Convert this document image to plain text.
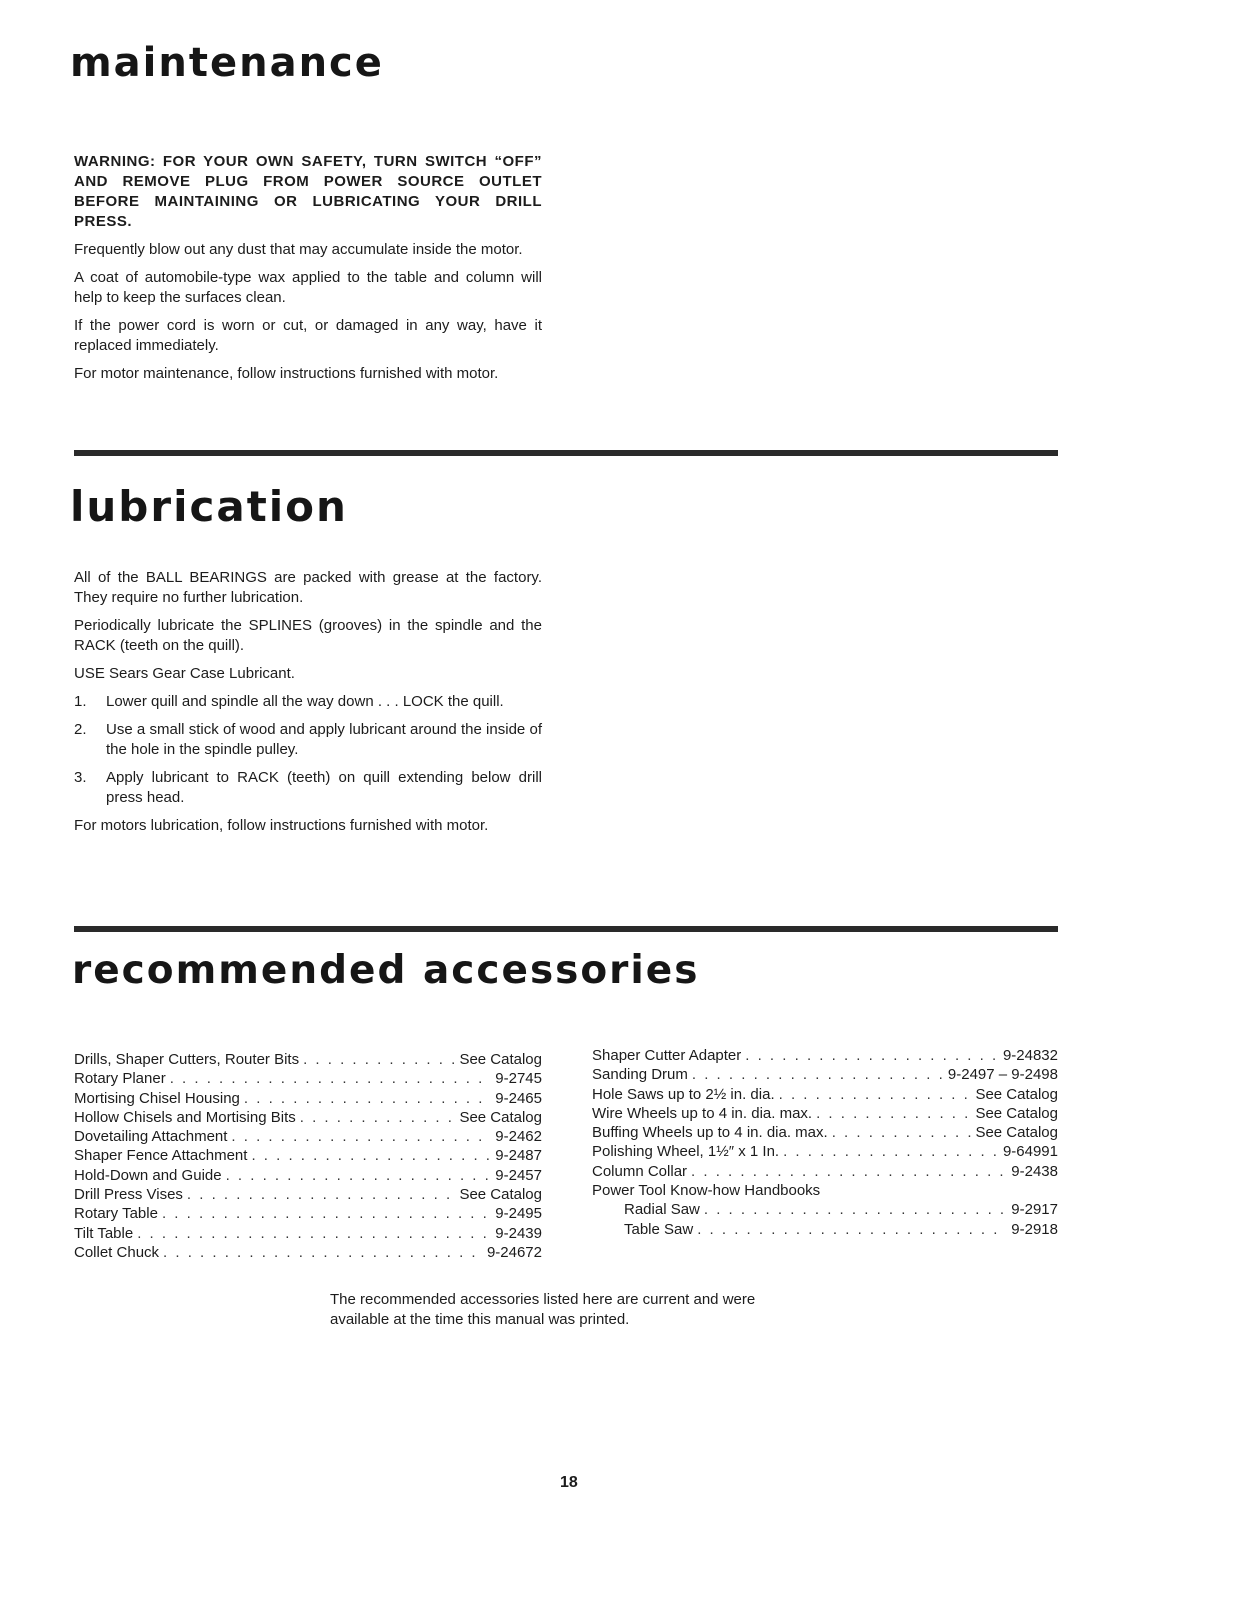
maintenance

WARNING: FOR YOUR OWN SAFETY, TURN SWITCH “OFF” AND REMOVE PLUG FROM POWER SOURCE OUTLET BEFORE MAINTAINING OR LUBRICATING YOUR DRILL PRESS.

Frequently blow out any dust that may accumulate inside the motor.

A coat of automobile-type wax applied to the table and column will help to keep the surfaces clean.

If the power cord is worn or cut, or damaged in any way, have it replaced immediately.

For motor maintenance, follow instructions furnished with motor.

lubrication

All of the BALL BEARINGS are packed with grease at the factory. They require no further lubrication.

Periodically lubricate the SPLINES (grooves) in the spindle and the RACK (teeth on the quill).

USE Sears Gear Case Lubricant.

1.	Lower quill and spindle all the way down . . . LOCK the quill.
2.	Use a small stick of wood and apply lubricant around the inside of the hole in the spindle pulley.
3.	Apply lubricant to RACK (teeth) on quill extending below drill press head.

For motors lubrication, follow instructions furnished with motor.

recommended accessories
Drills, Shaper Cutters, Router Bits . . .	See Catalog
Rotary Planer . . .	9-2745
Mortising Chisel Housing . . .	9-2465
Hollow Chisels and Mortising Bits . . .	See Catalog
Dovetailing Attachment . . .	9-2462
Shaper Fence Attachment . . .	9-2487
Hold-Down and Guide . . .	9-2457
Drill Press Vises . . .	See Catalog
Rotary Table . . .	9-2495
Tilt Table . . .	9-2439
Collet Chuck . . .	9-24672
Shaper Cutter Adapter . . .	9-24832
Sanding Drum . . .	9-2497 – 9-2498
Hole Saws up to 2½ in. dia. . . .	See Catalog
Wire Wheels up to 4 in. dia. max. . . .	See Catalog
Buffing Wheels up to 4 in. dia. max. . . .	See Catalog
Polishing Wheel, 1½″ x 1 In. . . .	9-64991
Column Collar . . .	9-2438
Power Tool Know-how Handbooks
Radial Saw . . .	9-2917
Table Saw . . .	9-2918

The recommended accessories listed here are current and were available at the time this manual was printed.

18
